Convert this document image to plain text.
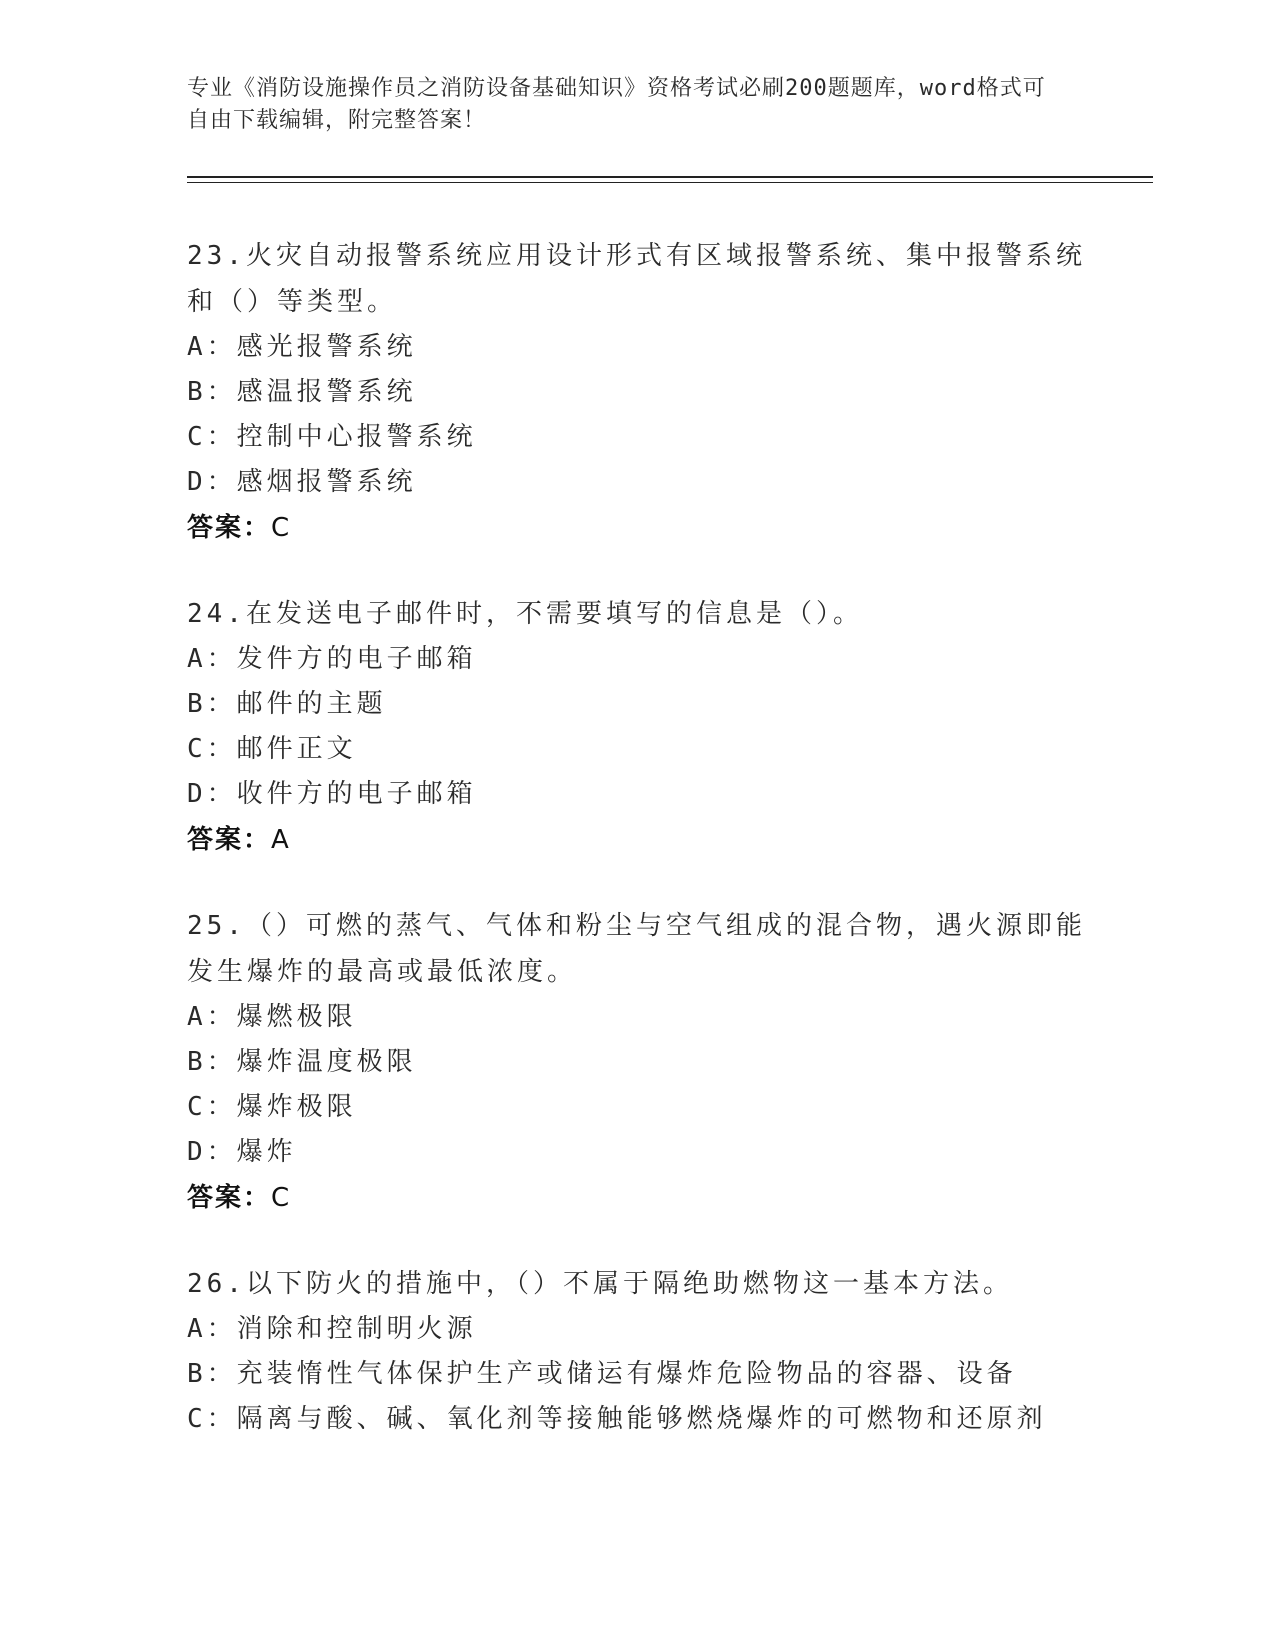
专业《消防设施操作员之消防设备基础知识》资格考试必刷200题题库，word格式可自由下载编辑，附完整答案！
23.火灾自动报警系统应用设计形式有区域报警系统、集中报警系统和（）等类型。
A：感光报警系统
B：感温报警系统
C：控制中心报警系统
D：感烟报警系统
答案：C
24.在发送电子邮件时，不需要填写的信息是（）。
A：发件方的电子邮箱
B：邮件的主题
C：邮件正文
D：收件方的电子邮箱
答案：A
25.（）可燃的蒸气、气体和粉尘与空气组成的混合物，遇火源即能发生爆炸的最高或最低浓度。
A：爆燃极限
B：爆炸温度极限
C：爆炸极限
D：爆炸
答案：C
26.以下防火的措施中，（）不属于隔绝助燃物这一基本方法。
A：消除和控制明火源
B：充装惰性气体保护生产或储运有爆炸危险物品的容器、设备
C：隔离与酸、碱、氧化剂等接触能够燃烧爆炸的可燃物和还原剂
